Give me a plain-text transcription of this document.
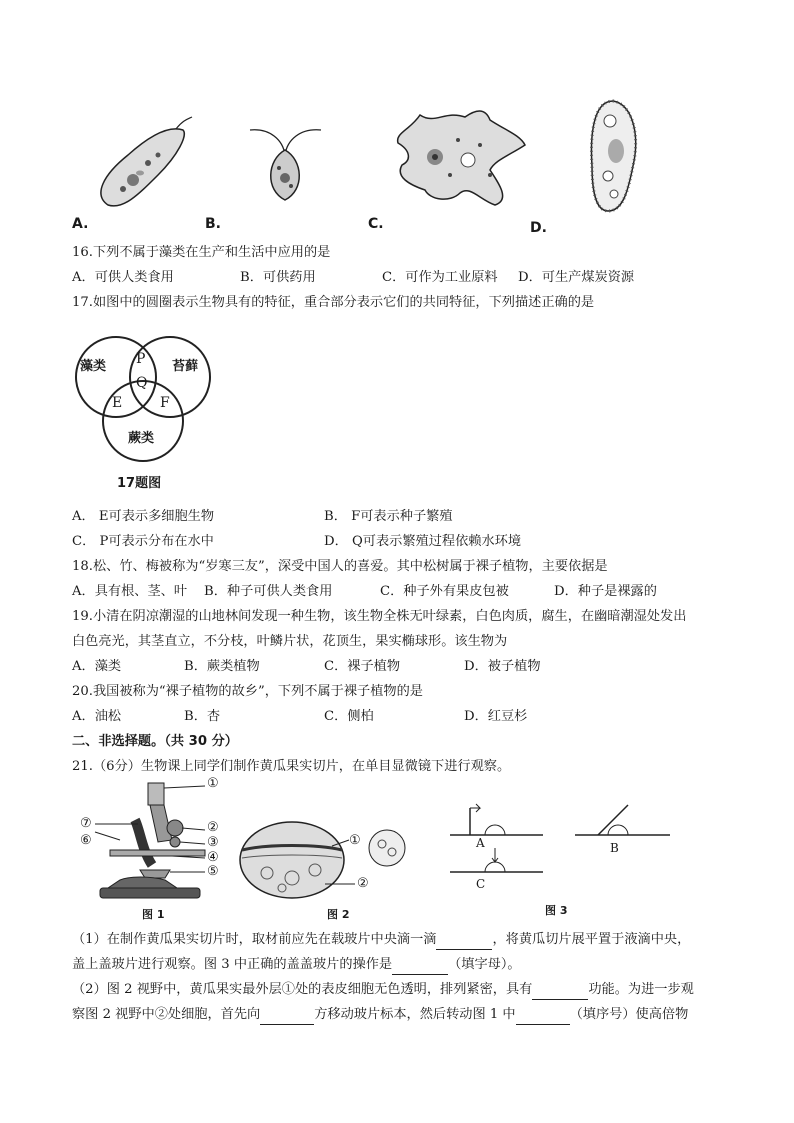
A.	B.	C.	D.
16.下列不属于藻类在生产和生活中应用的是
A．可供人类食用	B．可供药用	C．可作为工业原料 D．可生产煤炭资源
17.如图中的圆圈表示生物具有的特征，重合部分表示它们的共同特征，下列描述正确的是
藻类	苔藓
蕨类
P
Q
E	F
17题图
A． E可表示多细胞生物	B． F可表示种子繁殖
C． P可表示分布在水中	D． Q可表示繁殖过程依赖水环境
18.松、竹、梅被称为“岁寒三友”，深受中国人的喜爱。其中松树属于裸子植物，主要依据是
A．具有根、茎、叶 B．种子可供人类食用	C．种子外有果皮包被	D．种子是裸露的
19.小清在阴凉潮湿的山地林间发现一种生物，该生物全株无叶绿素，白色肉质，腐生，在幽暗潮湿处发出
白色亮光，其茎直立，不分枝，叶鳞片状，花顶生，果实椭球形。该生物为
A．藻类	B．蕨类植物	C．裸子植物	D．被子植物
20.我国被称为“裸子植物的故乡”，下列不属于裸子植物的是
A．油松	B．杏	C．侧柏	D．红豆杉
二、非选择题。（共 30 分）
21.（6分）生物课上同学们制作黄瓜果实切片，在单目显微镜下进行观察。
①
②
③
④
⑤
⑥
⑦
图 1
①
②
图 2
A
C
B
图 3
（1）在制作黄瓜果实切片时，取材前应先在载玻片中央滴一滴	，将黄瓜切片展平置于液滴中央，
盖上盖玻片进行观察。图 3 中正确的盖盖玻片的操作是	（填字母）。
（2）图 2 视野中，黄瓜果实最外层①处的表皮细胞无色透明，排列紧密，具有	功能。为进一步观
察图 2 视野中②处细胞，首先向	方移动玻片标本，然后转动图 1 中	（填序号）使高倍物
